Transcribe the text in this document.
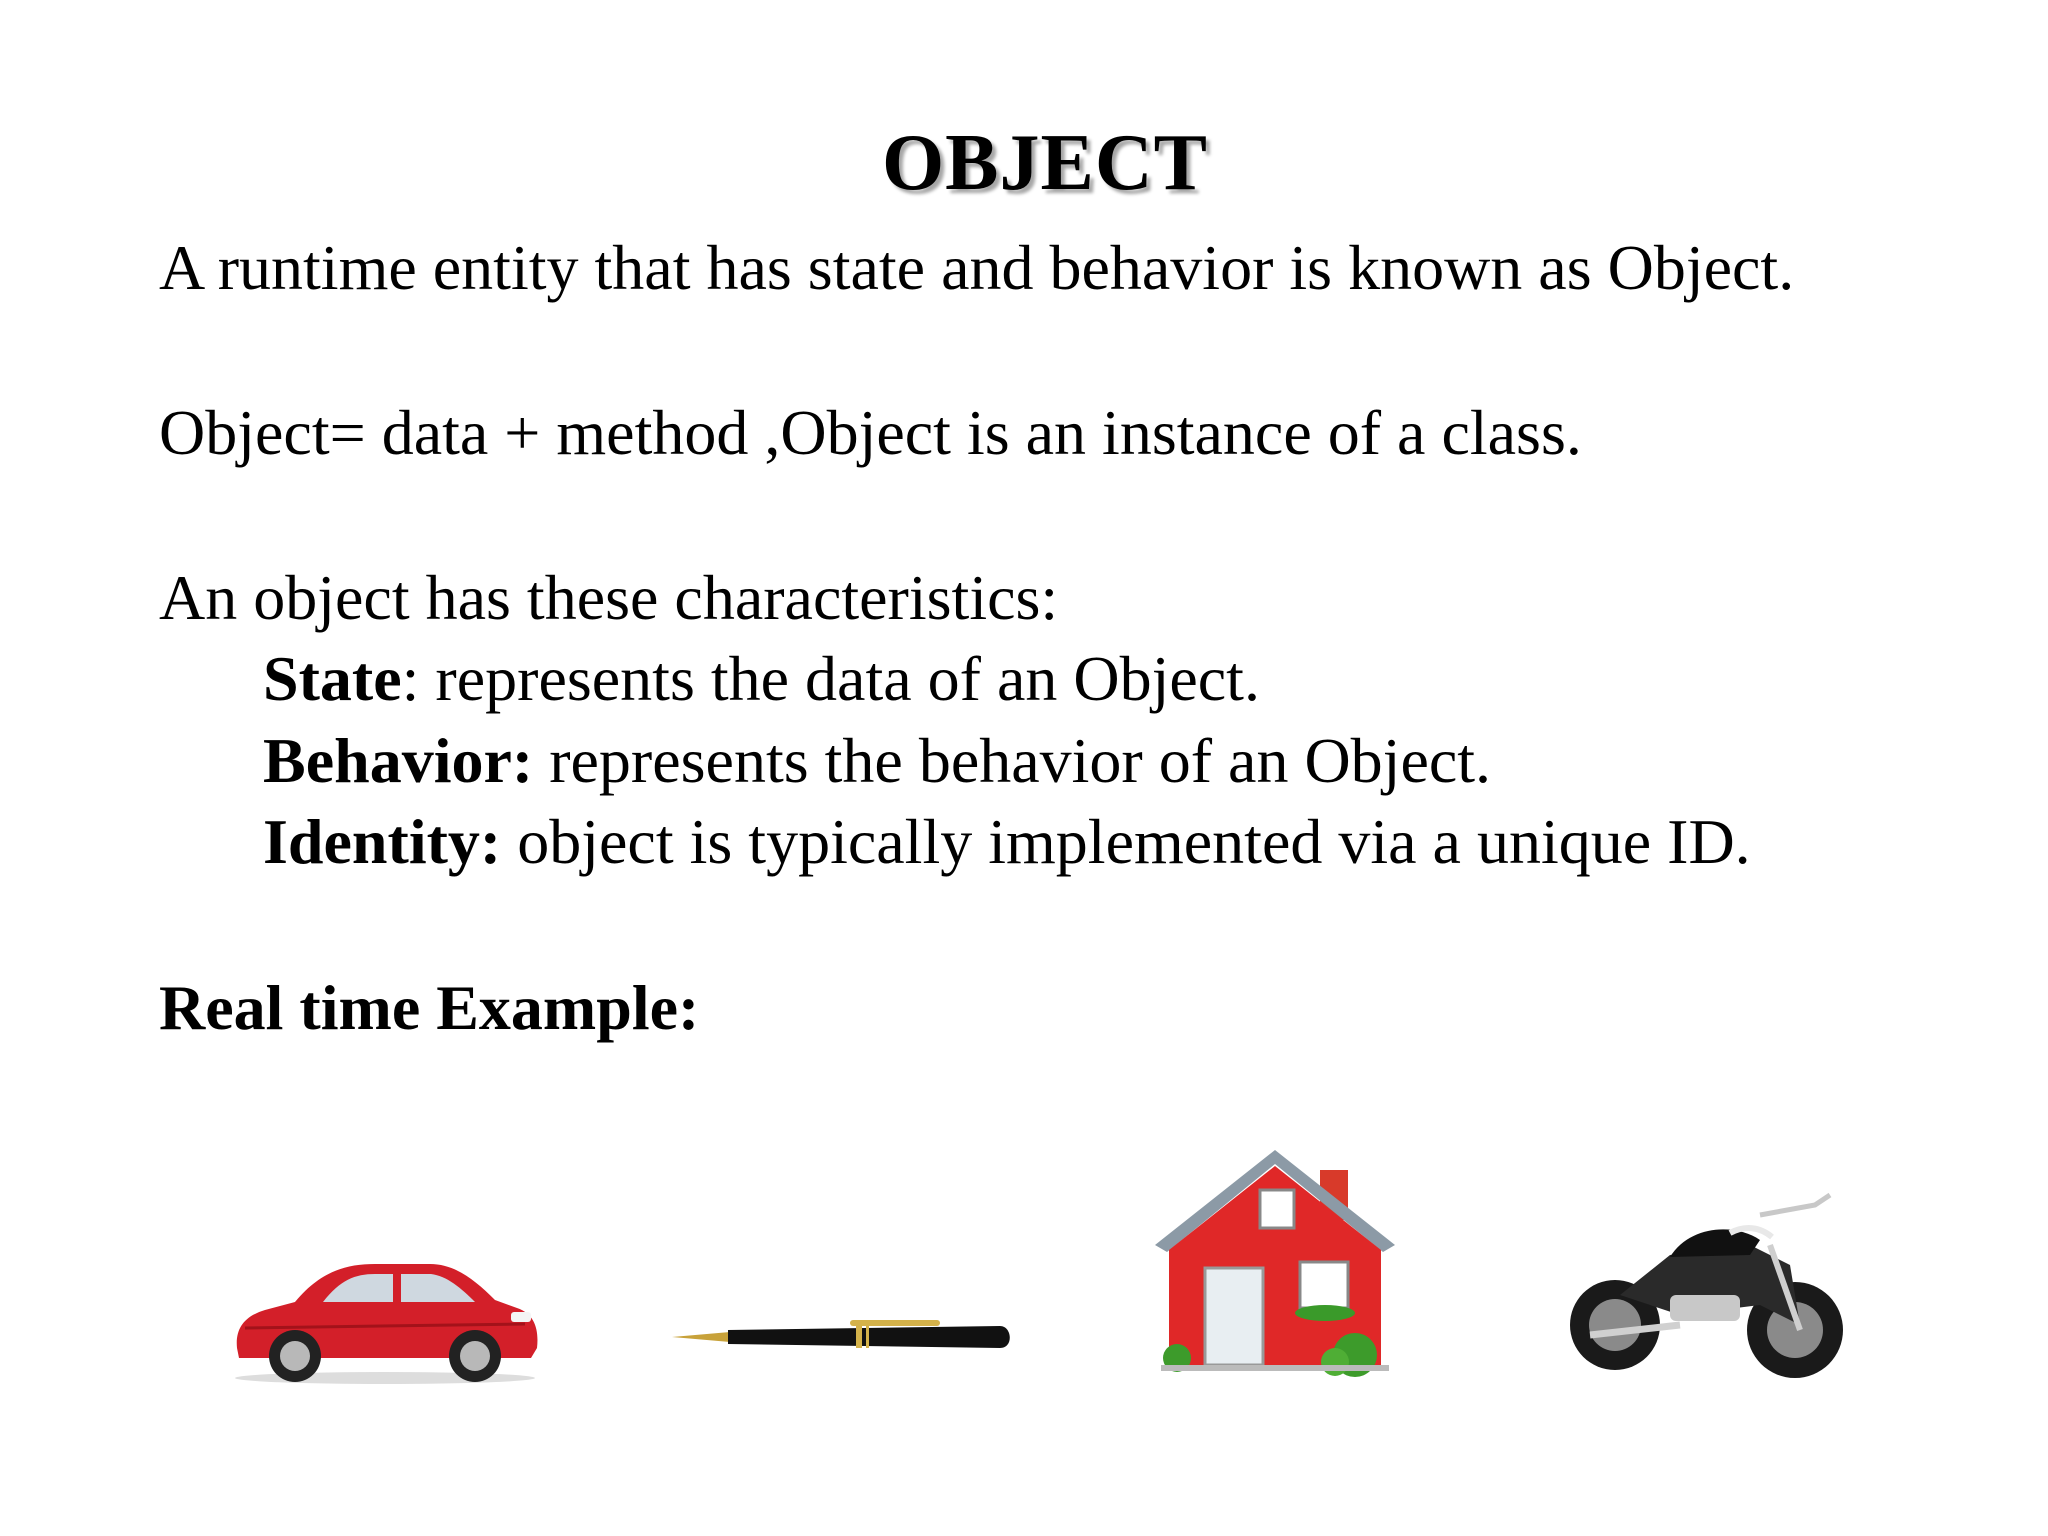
OBJECT
A runtime entity that has state and behavior is known as Object.
Object= data + method ,Object is an instance of a class.
An object has these characteristics:
State: represents the data of an Object.
Behavior: represents the behavior of an Object.
Identity: object is typically implemented via a unique ID.
Real time Example:
